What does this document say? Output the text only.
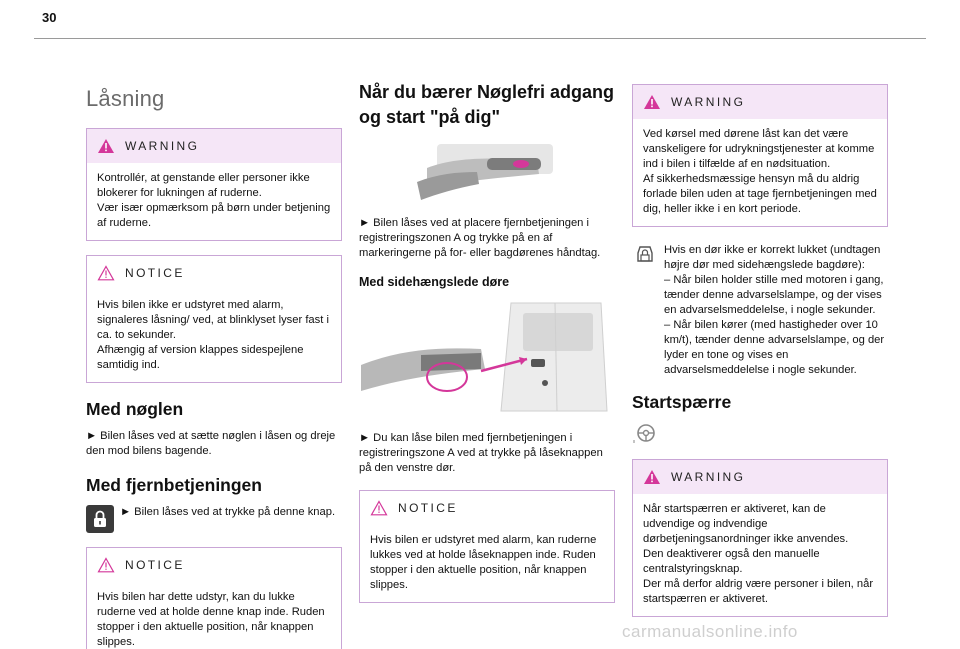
30
Låsning
WARNING

Kontrollér, at genstande eller personer ikke blokerer for lukningen af ruderne.
Vær især opmærksom på børn under betjening af ruderne.

NOTICE

Hvis bilen ikke er udstyret med alarm, signaleres låsning/ ved, at blinklyset lyser fast i ca. to sekunder.
Afhængig af version klappes sidespejlene samtidig ind.

Med nøglen

► Bilen låses ved at sætte nøglen i låsen og dreje den mod bilens bagende.

Med fjernbetjeningen

► Bilen låses ved at trykke på denne knap.

NOTICE

Hvis bilen har dette udstyr, kan du lukke ruderne ved at holde denne knap inde. Ruden stopper i den aktuelle position, når knappen slippes.

Når du bærer Nøglefri adgang og start "på dig"

► Bilen låses ved at placere fjernbetjeningen i registreringszonen A og trykke på en af markeringerne på for- eller bagdørenes håndtag.

Med sidehængslede døre

► Du kan låse bilen med fjernbetjeningen i registreringszone A ved at trykke på låseknappen på den venstre dør.

NOTICE

Hvis bilen er udstyret med alarm, kan ruderne lukkes ved at holde låseknappen inde. Ruden stopper i den aktuelle position, når knappen slippes.

WARNING

Ved kørsel med dørene låst kan det være vanskeligere for udrykningstjenester at komme ind i bilen i tilfælde af en nødsituation.
Af sikkerhedsmæssige hensyn må du aldrig forlade bilen uden at tage fjernbetjeningen med dig, heller ikke i en kort periode.

Hvis en dør ikke er korrekt lukket (undtagen højre dør med sidehængslede bagdøre):
– Når bilen holder stille med motoren i gang, tænder denne advarselslampe, og der vises en advarselsmeddelelse, i nogle sekunder.
– Når bilen kører (med hastigheder over 10 km/t), tænder denne advarselslampe, og der lyder en tone og vises en advarselsmeddelelse i nogle sekunder.

Startspærre
WARNING

Når startspærren er aktiveret, kan de udvendige og indvendige dørbetjeningsanordninger ikke anvendes.
Den deaktiverer også den manuelle centralstyringsknap.
Der må derfor aldrig være personer i bilen, når startspærren er aktiveret.

carmanualsonline.info
